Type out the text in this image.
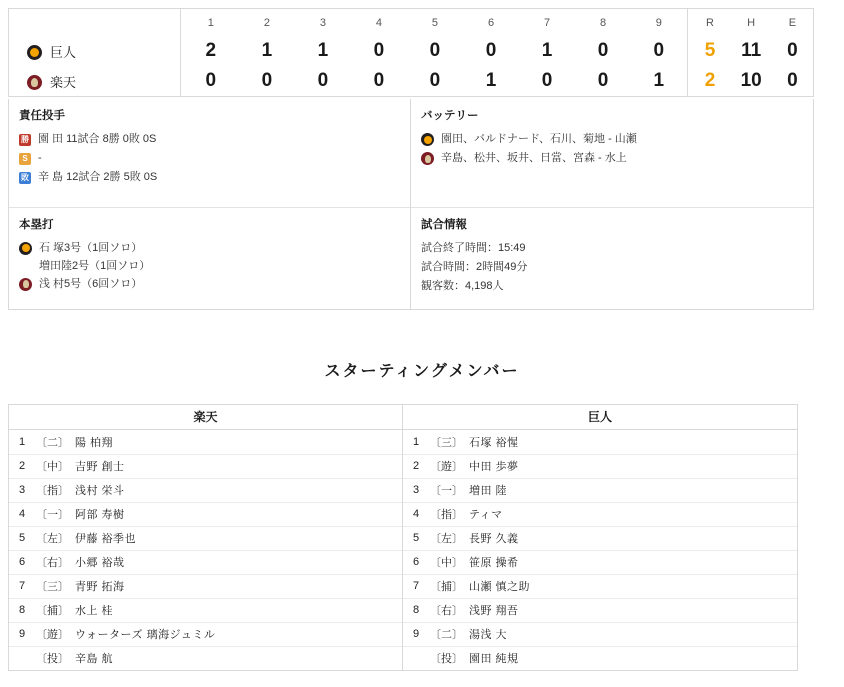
		1	2	3	4	5	6	7	8	9		R	H	E
巨人		2	1	1	0	0	0	1	0	0		5	11	0
楽天		0	0	0	0	0	1	0	0	1		2	10	0
責任投手
勝 園 田 11試合 8勝 0敗 0S
S -
敗 辛 島 12試合 2勝 5敗 0S
本塁打
石 塚3号（1回ソロ）
増田陸2号（1回ソロ）
浅 村5号（6回ソロ）
バッテリー
園田、バルドナード、石川、菊地 - 山瀬
辛島、松井、坂井、日當、宮森 - 水上
試合情報
試合終了時間：15:49
試合時間：2時間49分
観客数：4,198人
スターティングメンバー
楽天
1	〔二〕	陽 柏翔
2	〔中〕	吉野 創士
3	〔指〕	浅村 栄斗
4	〔一〕	阿部 寿樹
5	〔左〕	伊藤 裕季也
6	〔右〕	小郷 裕哉
7	〔三〕	青野 拓海
8	〔捕〕	水上 桂
9	〔遊〕	ウォーターズ 璃海ジュミル
	〔投〕	辛島 航
巨人
1	〔三〕	石塚 裕惺
2	〔遊〕	中田 歩夢
3	〔一〕	増田 陸
4	〔指〕	ティマ
5	〔左〕	長野 久義
6	〔中〕	笹原 操希
7	〔捕〕	山瀬 慎之助
8	〔右〕	浅野 翔吾
9	〔二〕	湯浅 大
	〔投〕	園田 純規
